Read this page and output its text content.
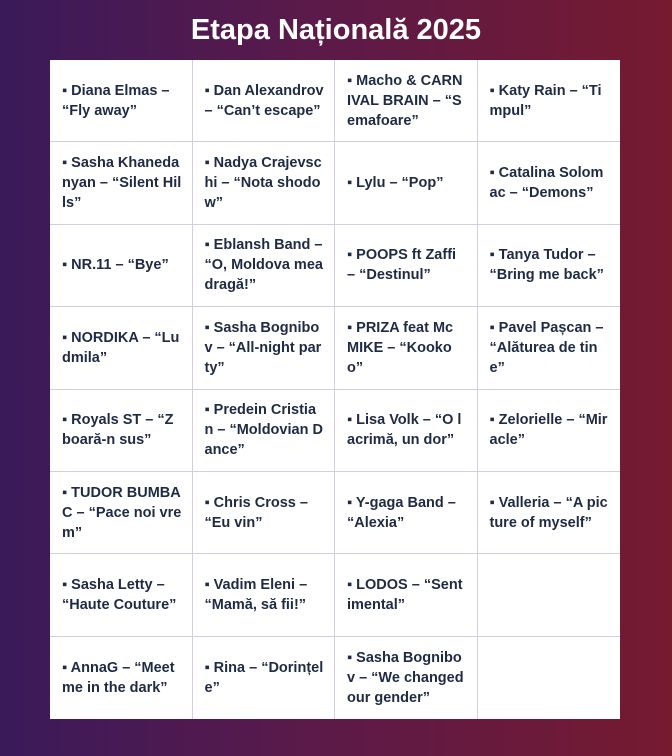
Etapa Națională 2025
▪ Diana Elmas – “Fly away”
▪ Dan Alexandrov – “Can’t escape”
▪ Macho & CARNIVAL BRAIN – “Semafoare”
▪ Katy Rain – “Timpul”
▪ Sasha Khanedanyan – “Silent Hills”
▪ Nadya Crajevschi – “Nota shodow”
▪ Lylu – “Pop”
▪ Catalina Solomac – “Demons”
▪ NR.11 – “Bye”
▪ Eblansh Band – “O, Moldova mea dragă!”
▪ POOPS ft Zaffi – “Destinul”
▪ Tanya Tudor – “Bring me back”
▪ NORDIKA – “Ludmila”
▪ Sasha Bognibov – “All-night party”
▪ PRIZA feat Mc MIKE – “Kookoo”
▪ Pavel Pașcan – “Alăturea de tine”
▪ Royals ST – “Zboară-n sus”
▪ Predein Cristian – “Moldovian Dance”
▪ Lisa Volk – “O lacrimă, un dor”
▪ Zelorielle – “Miracle”
▪ TUDOR BUMBAC – “Pace noi vrem”
▪ Chris Cross – “Eu vin”
▪ Y-gaga Band – “Alexia”
▪ Valleria – “A picture of myself”
▪ Sasha Letty – “Haute Couture”
▪ Vadim Eleni – “Mamă, să fii!”
▪ LODOS – “Sentimental”
▪ AnnaG – “Meet me in the dark”
▪ Rina – “Dorințele”
▪ Sasha Bognibov – “We changed our gender”
